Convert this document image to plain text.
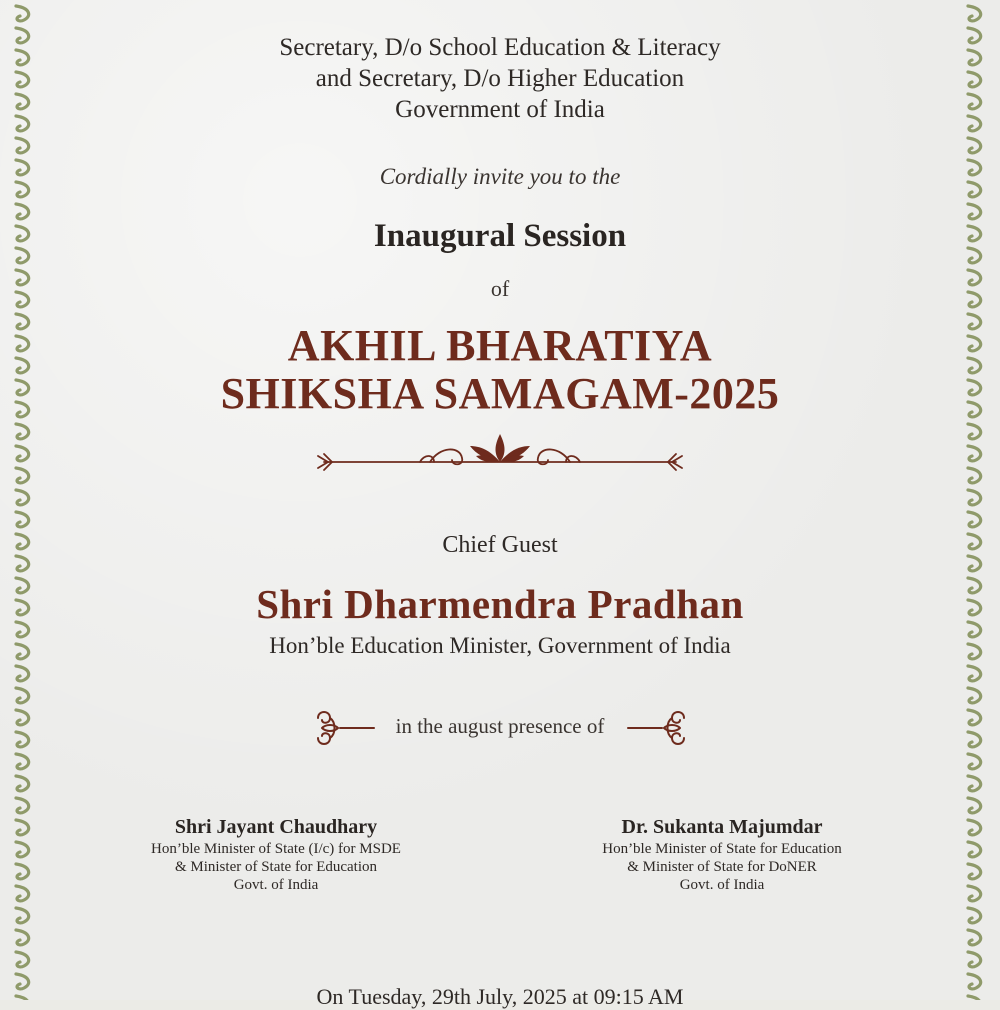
Secretary, D/o School Education & Literacy
and Secretary, D/o Higher Education
Government of India
Cordially invite you to the
Inaugural Session
of
AKHIL BHARATIYA
SHIKSHA SAMAGAM-2025
Chief Guest
Shri Dharmendra Pradhan
Hon’ble Education Minister, Government of India
in the august presence of
Shri Jayant Chaudhary
Hon’ble Minister of State (I/c) for MSDE
& Minister of State for Education
Govt. of India
Dr. Sukanta Majumdar
Hon’ble Minister of State for Education
& Minister of State for DoNER
Govt. of India
On Tuesday, 29th July, 2025 at 09:15 AM
